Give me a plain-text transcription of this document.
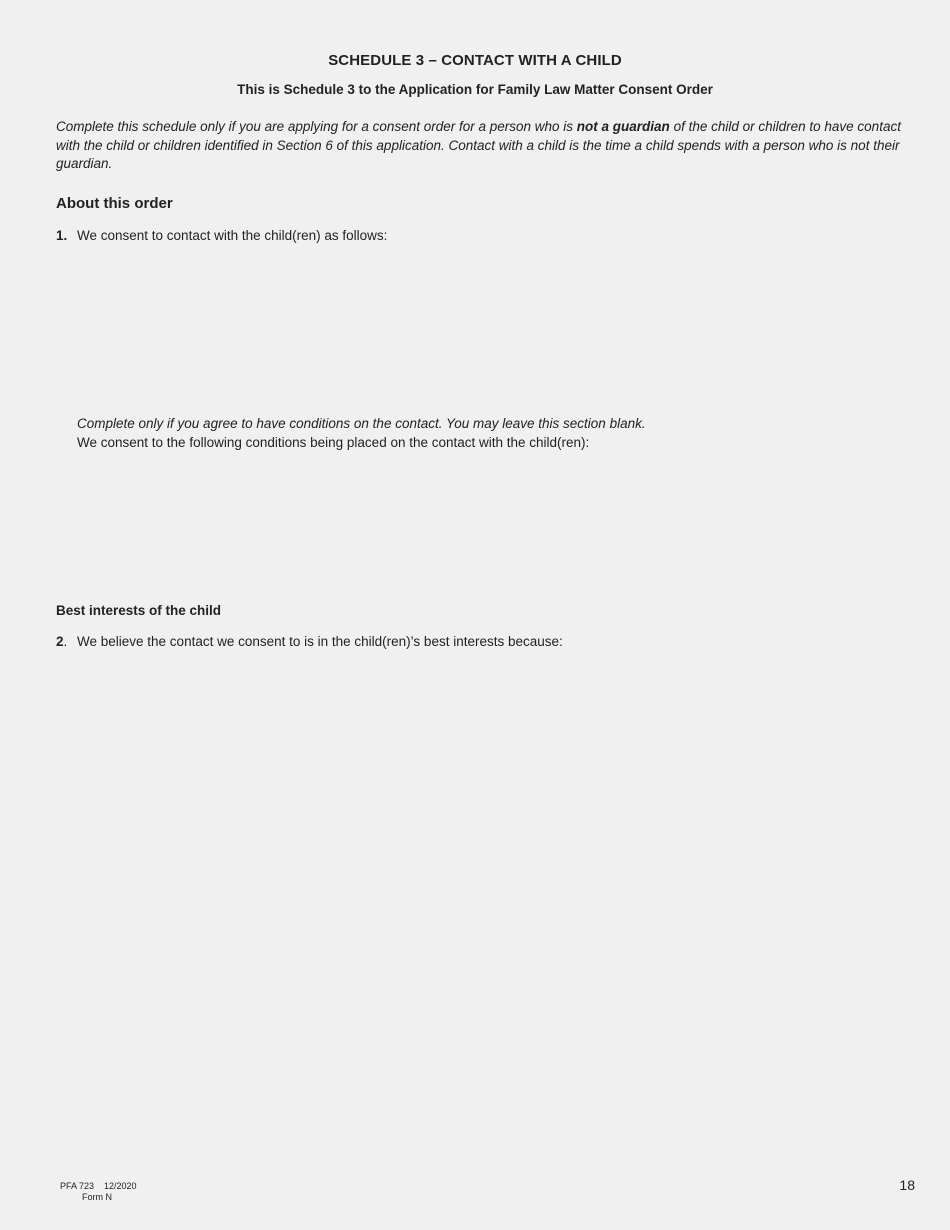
SCHEDULE 3 – CONTACT WITH A CHILD
This is Schedule 3 to the Application for Family Law Matter Consent Order
Complete this schedule only if you are applying for a consent order for a person who is not a guardian of the child or children to have contact with the child or children identified in Section 6 of this application. Contact with a child is the time a child spends with a person who is not their guardian.
About this order
1. We consent to contact with the child(ren) as follows:
Complete only if you agree to have conditions on the contact. You may leave this section blank.
We consent to the following conditions being placed on the contact with the child(ren):
Best interests of the child
2. We believe the contact we consent to is in the child(ren)’s best interests because:
PFA 723    12/2020
Form N
18
